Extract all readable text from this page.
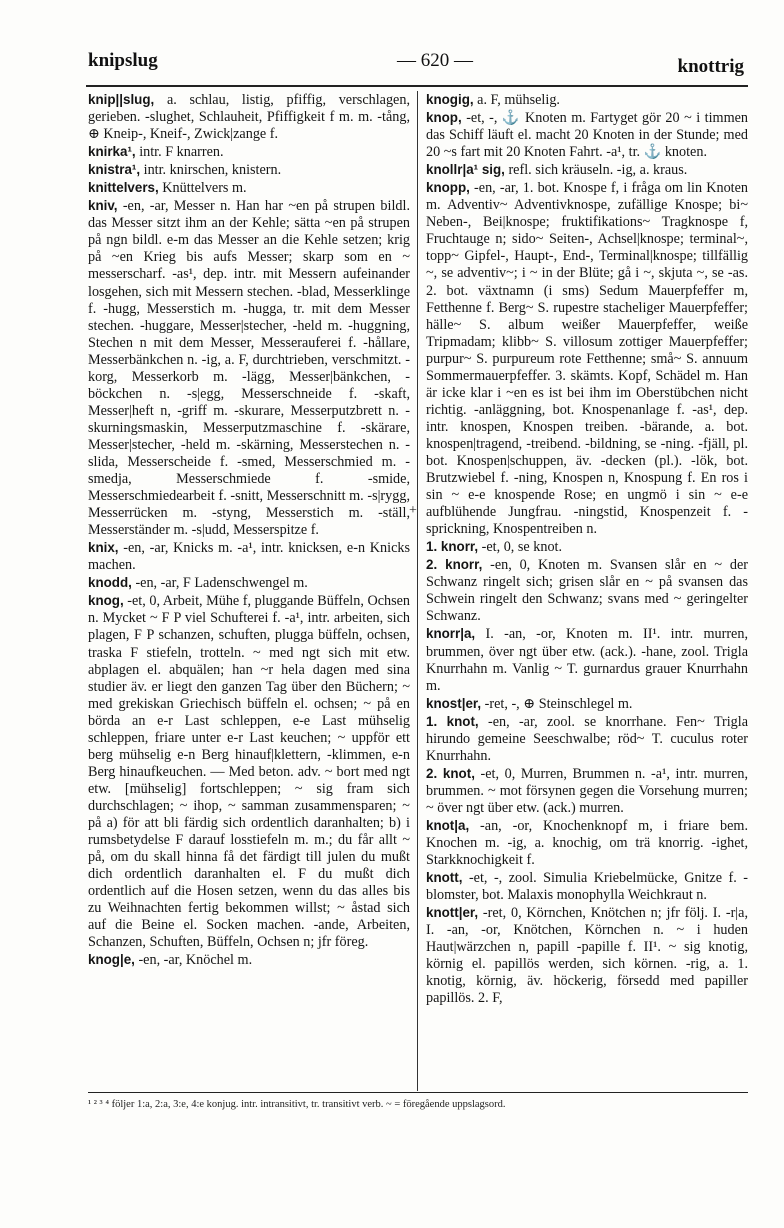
knipslug	— 620 —	knottrig

knip||slug, a. schlau, listig, pfiffig, verschlagen, gerieben. -slughet, Schlauheit, Pfiffigkeit f m. m. -tång, ⊕ Kneip-, Kneif-, Zwick|zange f.

knirka¹, intr. F knarren.

knistra¹, intr. knirschen, knistern.

knittelvers, Knüttelvers m.

kniv, -en, -ar, Messer n. Han har ~en på strupen bildl. das Messer sitzt ihm an der Kehle; sätta ~en på strupen på ngn bildl. e-m das Messer an die Kehle setzen; krig på ~en Krieg bis aufs Messer; skarp som en ~ messerscharf. -as¹, dep. intr. mit Messern aufeinander losgehen, sich mit Messern stechen. -blad, Messerklinge f. -hugg, Messerstich m. -hugga, tr. mit dem Messer stechen. -huggare, Messer|stecher, -held m. -huggning, Stechen n mit dem Messer, Messerauferei f. -hållare, Messerbänkchen n. -ig, a. F, durchtrieben, verschmitzt. -korg, Messerkorb m. -lägg, Messer|bänkchen, -böckchen n. -s|egg, Messerschneide f. -skaft, Messer|heft n, -griff m. -skurare, Messerputzbrett n. -skurningsmaskin, Messerputzmaschine f. -skärare, Messer|stecher, -held m. -skärning, Messerstechen n. -slida, Messerscheide f. -smed, Messerschmied m. -smedja, Messerschmiede f. -smide, Messerschmiedearbeit f. -snitt, Messerschnitt m. -s|rygg, Messerrücken m. -styng, Messerstich m. -ställ, Messerständer m. -s|udd, Messerspitze f.

knix, -en, -ar, Knicks m. -a¹, intr. knicksen, e-n Knicks machen.

knodd, -en, -ar, F Ladenschwengel m.

knog, -et, 0, Arbeit, Mühe f, pluggande Büffeln, Ochsen n. Mycket ~ F P viel Schufterei f. -a¹, intr. arbeiten, sich plagen, F P schanzen, schuften, plugga büffeln, ochsen, traska F stiefeln, trotteln. ~ med ngt sich mit etw. abplagen el. abquälen; han ~r hela dagen med sina studier äv. er liegt den ganzen Tag über den Büchern; ~ med grekiskan Griechisch büffeln el. ochsen; ~ på en börda an e-r Last schleppen, e-e Last mühselig schleppen, friare unter e-r Last keuchen; ~ uppför ett berg mühselig e-n Berg hinauf|klettern, -klimmen, e-n Berg hinaufkeuchen. — Med beton. adv. ~ bort med ngt etw. [mühselig] fortschleppen; ~ sig fram sich durchschlagen; ~ ihop, ~ samman zusammensparen; ~ på a) för att bli färdig sich ordentlich daranhalten; b) i rumsbetydelse F darauf losstiefeln m. m.; du får allt ~ på, om du skall hinna få det färdigt till julen du mußt dich ordentlich daranhalten el. F du mußt dich ordentlich auf die Hosen setzen, wenn du das alles bis zu Weihnachten fertig bekommen willst; ~ åstad sich auf die Beine el. Socken machen. -ande, Arbeiten, Schanzen, Schuften, Büffeln, Ochsen n; jfr föreg.

knog|e, -en, -ar, Knöchel m.

+

knogig, a. F, mühselig.

knop, -et, -, ⚓ Knoten m. Fartyget gör 20 ~ i timmen das Schiff läuft el. macht 20 Knoten in der Stunde; med 20 ~s fart mit 20 Knoten Fahrt. -a¹, tr. ⚓ knoten.

knollr|a¹ sig, refl. sich kräuseln. -ig, a. kraus.

knopp, -en, -ar, 1. bot. Knospe f, i fråga om lin Knoten m. Adventiv~ Adventivknospe, zufällige Knospe; bi~ Neben-, Bei|knospe; fruktifikations~ Tragknospe f, Fruchtauge n; sido~ Seiten-, Achsel|knospe; terminal~, topp~ Gipfel-, Haupt-, End-, Terminal|knospe; tillfällig ~, se adventiv~; i ~ in der Blüte; gå i ~, skjuta ~, se -as. 2. bot. växtnamn (i sms) Sedum Mauerpfeffer m, Fetthenne f. Berg~ S. rupestre stacheliger Mauerpfeffer; hälle~ S. album weißer Mauerpfeffer, weiße Tripmadam; klibb~ S. villosum zottiger Mauerpfeffer; purpur~ S. purpureum rote Fetthenne; små~ S. annuum Sommermauerpfeffer. 3. skämts. Kopf, Schädel m. Han är icke klar i ~en es ist bei ihm im Oberstübchen nicht richtig. -anläggning, bot. Knospenanlage f. -as¹, dep. intr. knospen, Knospen treiben. -bärande, a. bot. knospen|tragend, -treibend. -bildning, se -ning. -fjäll, pl. bot. Knospen|schuppen, äv. -decken (pl.). -lök, bot. Brutzwiebel f. -ning, Knospen n, Knospung f. En ros i sin ~ e-e knospende Rose; en ungmö i sin ~ e-e aufblühende Jungfrau. -ningstid, Knospenzeit f. -sprickning, Knospentreiben n.

1. knorr, -et, 0, se knot.

2. knorr, -en, 0, Knoten m. Svansen slår en ~ der Schwanz ringelt sich; grisen slår en ~ på svansen das Schwein ringelt den Schwanz; svans med ~ geringelter Schwanz.

knorr|a, I. -an, -or, Knoten m. II¹. intr. murren, brummen, över ngt über etw. (ack.). -hane, zool. Trigla Knurrhahn m. Vanlig ~ T. gurnardus grauer Knurrhahn m.

knost|er, -ret, -, ⊕ Steinschlegel m.

1. knot, -en, -ar, zool. se knorrhane. Fen~ Trigla hirundo gemeine Seeschwalbe; röd~ T. cuculus roter Knurrhahn.

2. knot, -et, 0, Murren, Brummen n. -a¹, intr. murren, brummen. ~ mot försynen gegen die Vorsehung murren; ~ över ngt über etw. (ack.) murren.

knot|a, -an, -or, Knochenknopf m, i friare bem. Knochen m. -ig, a. knochig, om trä knorrig. -ighet, Starkknochigkeit f.

knott, -et, -, zool. Simulia Kriebelmücke, Gnitze f. -blomster, bot. Malaxis monophylla Weichkraut n.

knott|er, -ret, 0, Körnchen, Knötchen n; jfr följ. I. -r|a, I. -an, -or, Knötchen, Körnchen n. ~ i huden Haut|wärzchen n, papill -papille f. II¹. ~ sig knotig, körnig el. papillös werden, sich körnen. -rig, a. 1. knotig, körnig, äv. höckerig, försedd med papiller papillös. 2. F,

¹ ² ³ ⁴ följer 1:a, 2:a, 3:e, 4:e konjug. intr. intransitivt, tr. transitivt verb. ~ = föregående uppslagsord.
